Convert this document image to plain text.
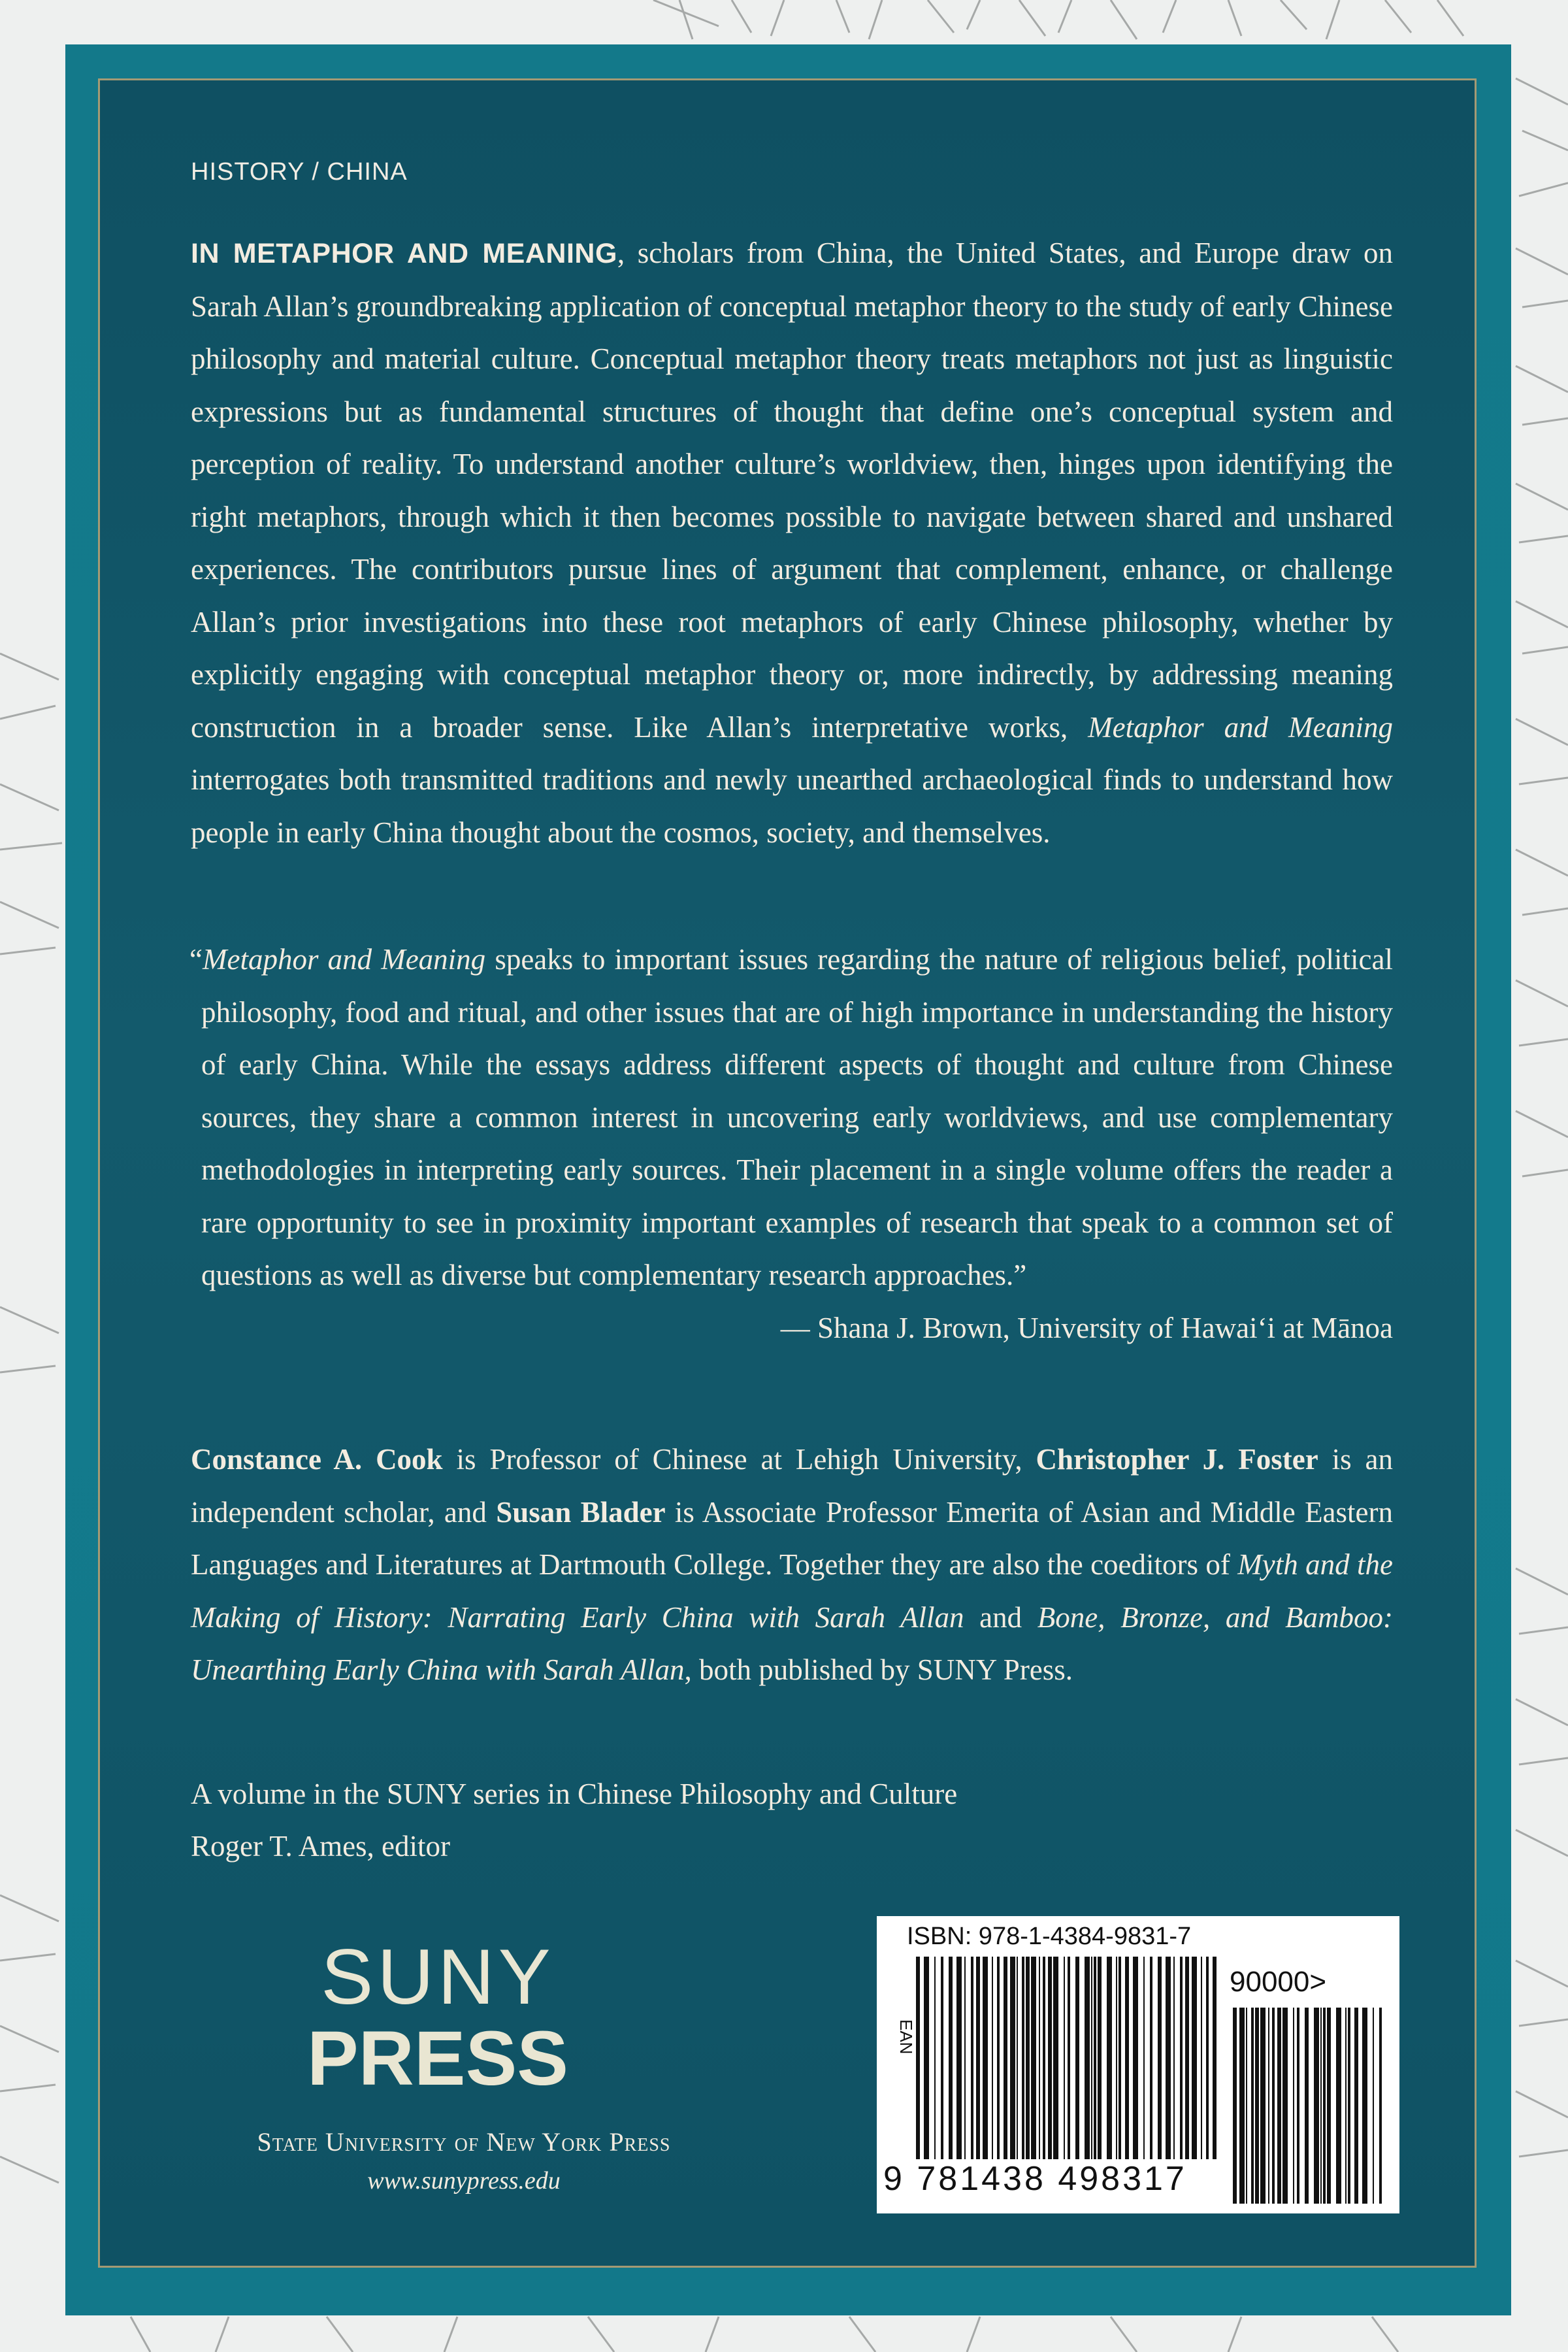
HISTORY / CHINA
IN METAPHOR AND MEANING, scholars from China, the United States, and Europe draw on Sarah Allan’s groundbreaking application of conceptual metaphor theory to the study of early Chinese philosophy and material culture. Conceptual metaphor theory treats metaphors not just as linguistic expressions but as fundamental structures of thought that define one’s conceptual system and perception of reality. To understand another culture’s worldview, then, hinges upon identifying the right metaphors, through which it then becomes possible to navigate between shared and unshared experiences. The contributors pursue lines of argument that complement, enhance, or challenge Allan’s prior investigations into these root metaphors of early Chinese philosophy, whether by explicitly engaging with conceptual metaphor theory or, more indirectly, by addressing meaning construction in a broader sense. Like Allan’s interpretative works, Metaphor and Meaning interrogates both transmitted traditions and newly unearthed archaeological finds to understand how people in early China thought about the cosmos, society, and themselves.
“Metaphor and Meaning speaks to important issues regarding the nature of religious belief, political philosophy, food and ritual, and other issues that are of high importance in understanding the history of early China. While the essays address different aspects of thought and culture from Chinese sources, they share a common interest in uncovering early worldviews, and use complementary methodologies in interpreting early sources. Their placement in a single volume offers the reader a rare opportunity to see in proximity important examples of research that speak to a common set of questions as well as diverse but complementary research approaches.”
— Shana J. Brown, University of Hawai‘i at Mānoa
Constance A. Cook is Professor of Chinese at Lehigh University, Christopher J. Foster is an independent scholar, and Susan Blader is Associate Professor Emerita of Asian and Middle Eastern Languages and Literatures at Dartmouth College. Together they are also the coeditors of Myth and the Making of History: Narrating Early China with Sarah Allan and Bone, Bronze, and Bamboo: Unearthing Early China with Sarah Allan, both published by SUNY Press.
A volume in the SUNY series in Chinese Philosophy and Culture
Roger T. Ames, editor
SUNY
PRESS
State University of New York Press
www.sunypress.edu
ISBN: 978-1-4384-9831-7
90000>
EAN
9 781438 498317
